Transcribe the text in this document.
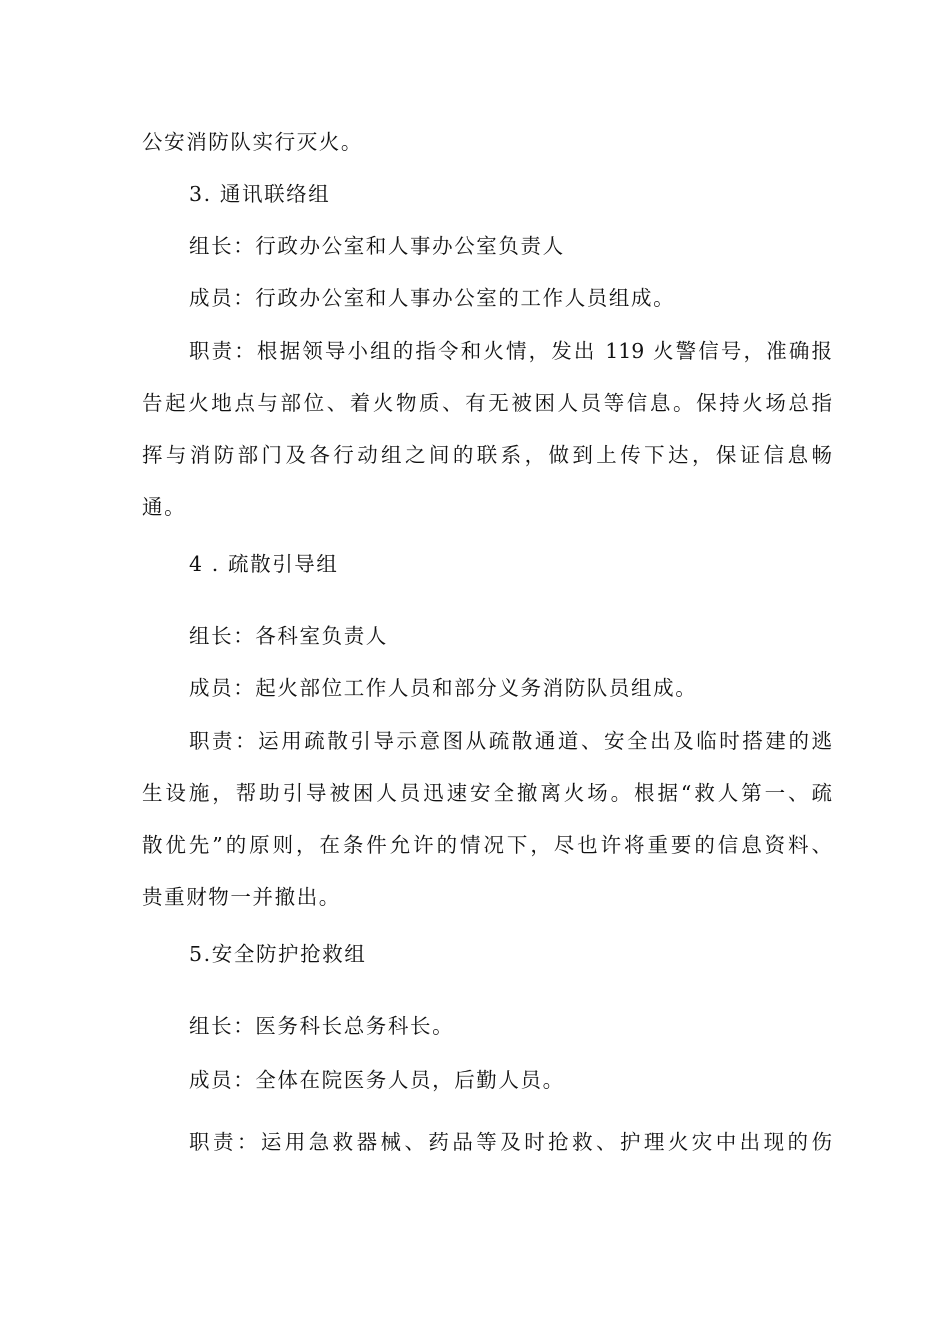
公安消防队实行灭火。
3. 通讯联络组
组长：行政办公室和人事办公室负责人
成员：行政办公室和人事办公室的工作人员组成。
职责：根据领导小组的指令和火情，发出 119 火警信号，准确报
告起火地点与部位、着火物质、有无被困人员等信息。保持火场总指
挥与消防部门及各行动组之间的联系，做到上传下达，保证信息畅
通。
4 . 疏散引导组
组长：各科室负责人
成员：起火部位工作人员和部分义务消防队员组成。
职责：运用疏散引导示意图从疏散通道、安全出及临时搭建的逃
生设施，帮助引导被困人员迅速安全撤离火场。根据“救人第一、疏
散优先”的原则，在条件允许的情况下，尽也许将重要的信息资料、
贵重财物一并撤出。
5.安全防护抢救组
组长：医务科长总务科长。
成员：全体在院医务人员，后勤人员。
职责：运用急救器械、药品等及时抢救、护理火灾中出现的伤
